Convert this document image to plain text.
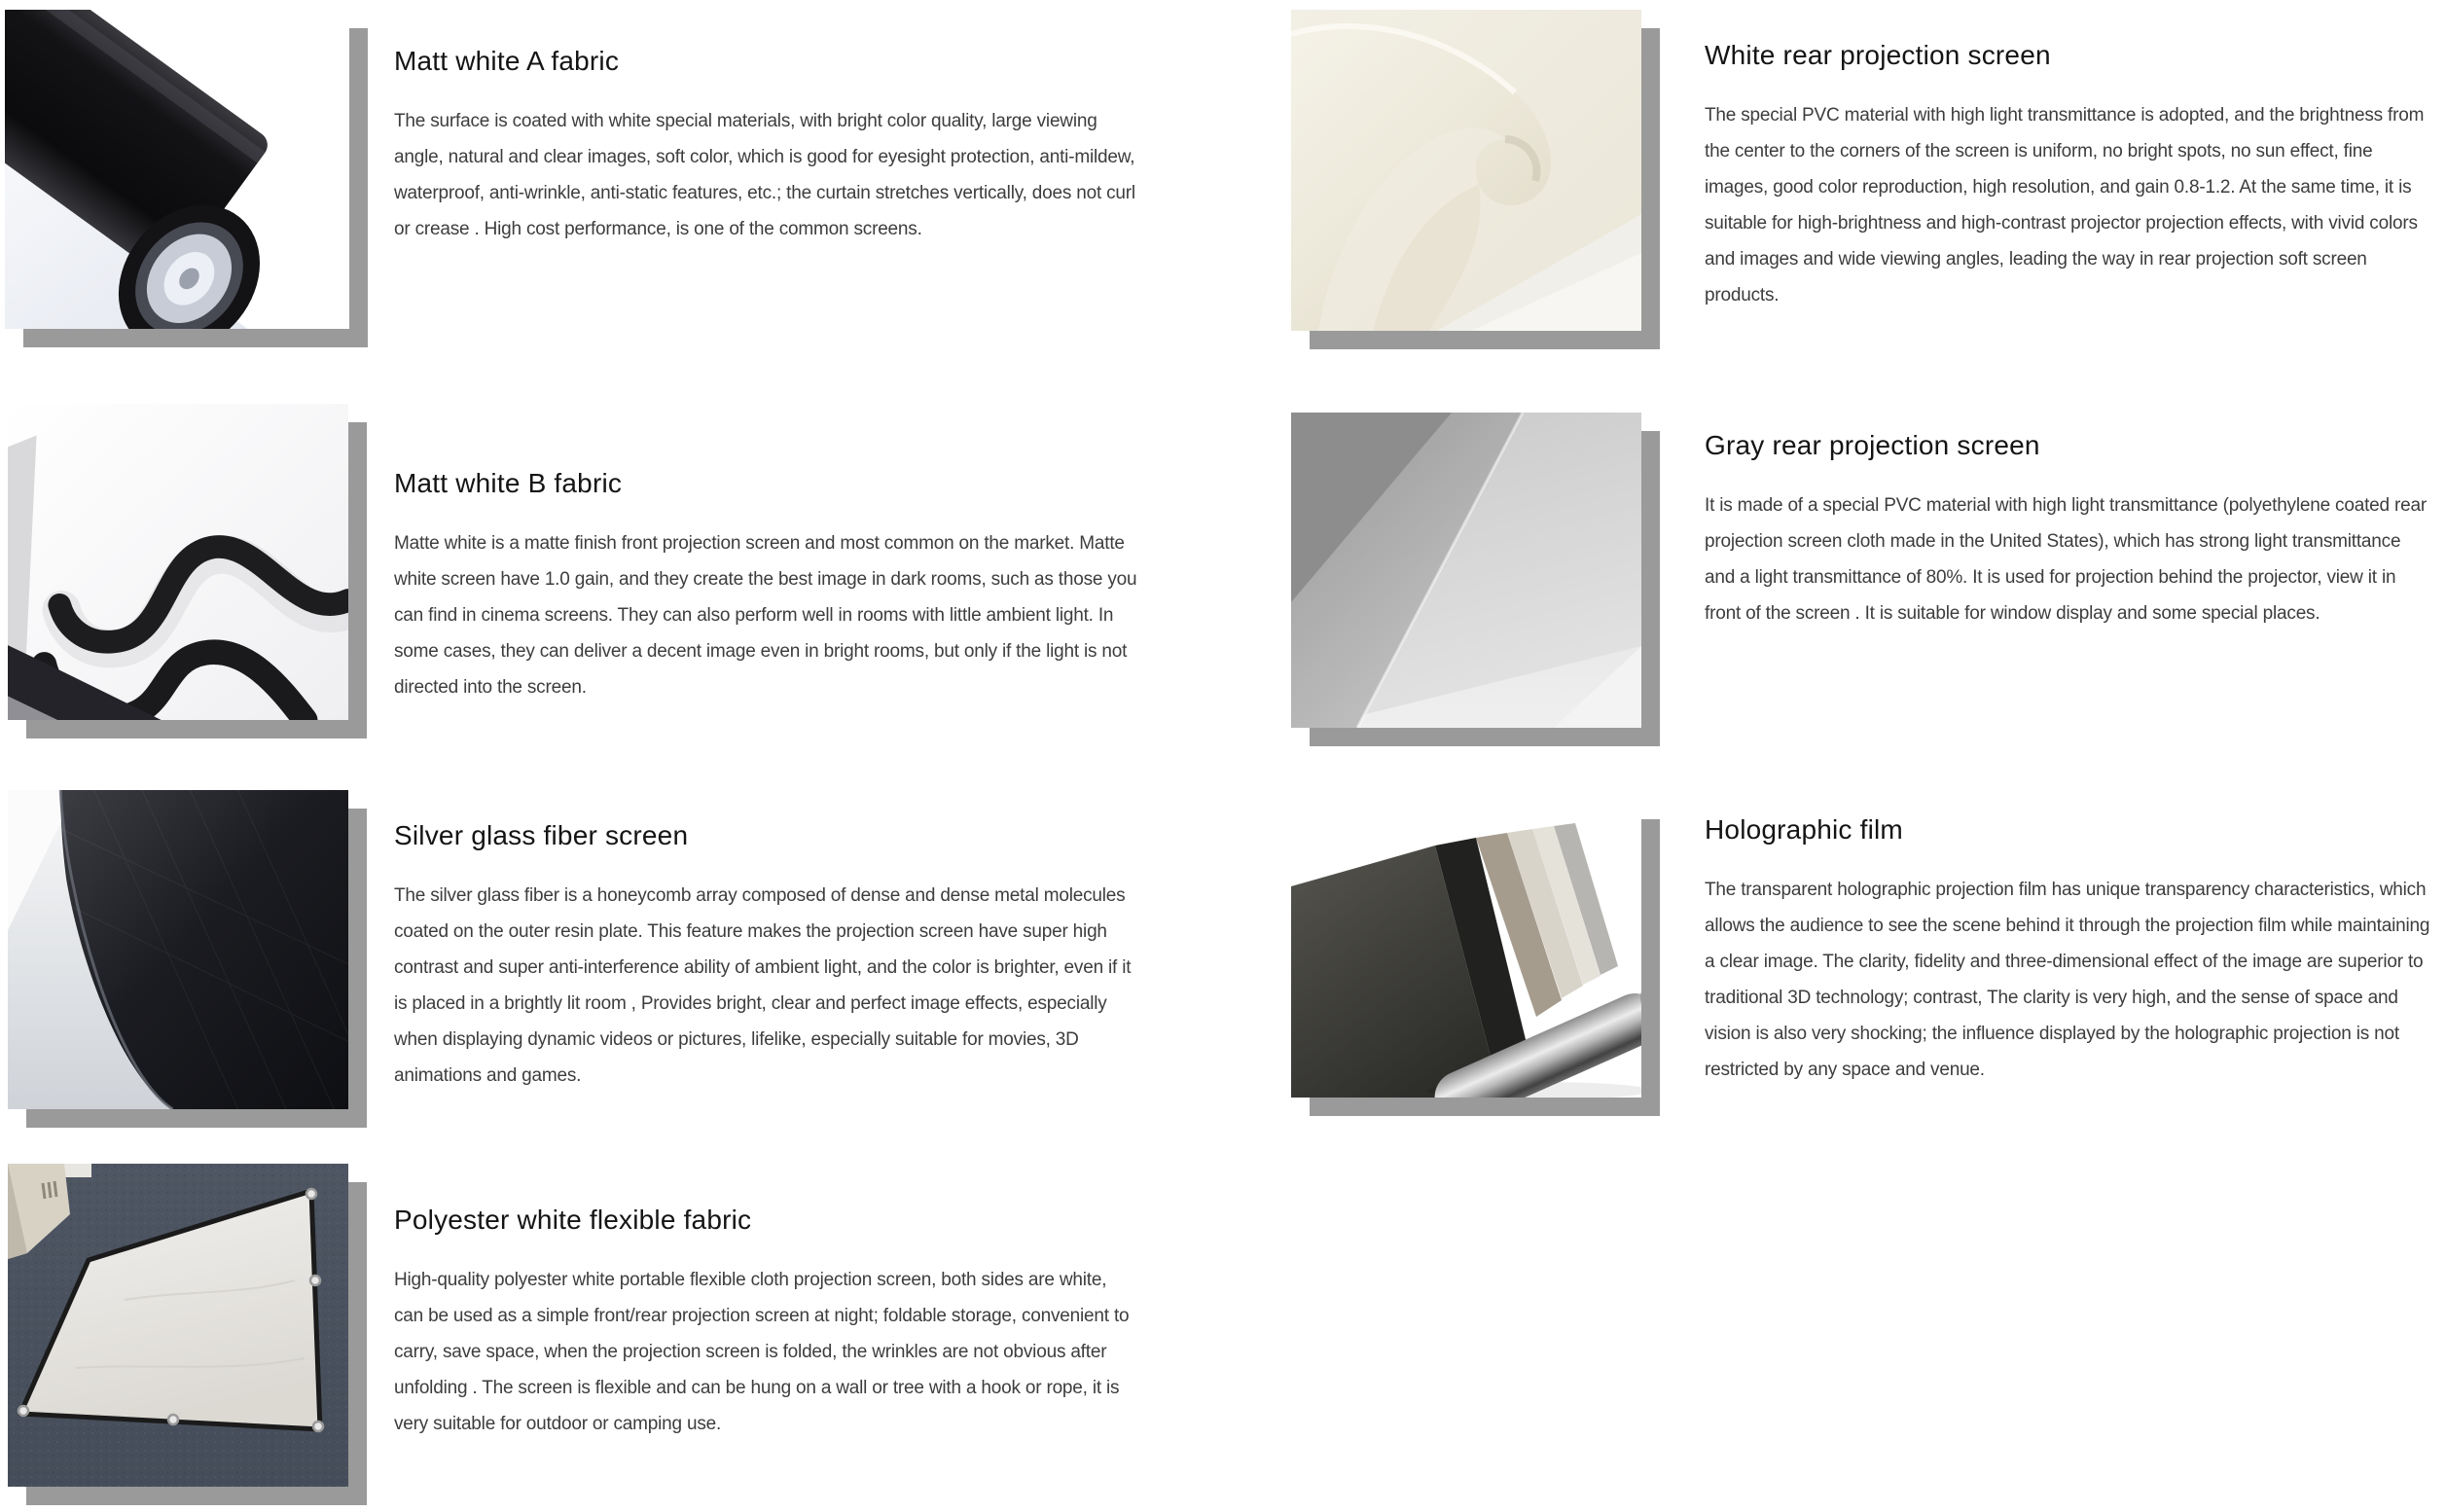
Matt white A fabric

The surface is coated with white special materials, with bright color quality, large viewing angle, natural and clear images, soft color, which is good for eyesight protection, anti-mildew, waterproof, anti-wrinkle, anti-static features, etc.; the curtain stretches vertically, does not curl or crease . High cost performance, is one of the common screens.

White rear projection screen

The special PVC material with high light transmittance is adopted, and the brightness from the center to the corners of the screen is uniform, no bright spots, no sun effect, fine images, good color reproduction, high resolution, and gain 0.8-1.2. At the same time, it is suitable for high-brightness and high-contrast projector projection effects, with vivid colors and images and wide viewing angles, leading the way in rear projection soft screen products.

Matt white B fabric

Matte white is a matte finish front projection screen and most common on the market. Matte white screen have 1.0 gain, and they create the best image in dark rooms, such as those you can find in cinema screens. They can also perform well in rooms with little ambient light. In some cases, they can deliver a decent image even in bright rooms, but only if the light is not directed into the screen.

Gray rear projection screen

It is made of a special PVC material with high light transmittance (polyethylene coated rear projection screen cloth made in the United States), which has strong light transmittance and a light transmittance of 80%. It is used for projection behind the projector, view it in front of the screen . It is suitable for window display and some special places.

Silver glass fiber screen

The silver glass fiber is a honeycomb array composed of dense and dense metal molecules coated on the outer resin plate. This feature makes the projection screen have super high contrast and super anti-interference ability of ambient light, and the color is brighter, even if it is placed in a brightly lit room , Provides bright, clear and perfect image effects, especially when displaying dynamic videos or pictures, lifelike, especially suitable for movies, 3D animations and games.

Holographic film

The transparent holographic projection film has unique transparency characteristics, which allows the audience to see the scene behind it through the projection film while maintaining a clear image. The clarity, fidelity and three-dimensional effect of the image are superior to traditional 3D technology; contrast, The clarity is very high, and the sense of space and vision is also very shocking; the influence displayed by the holographic projection is not restricted by any space and venue.

Polyester white flexible fabric

High-quality polyester white portable flexible cloth projection screen, both sides are white, can be used as a simple front/rear projection screen at night; foldable storage, convenient to carry, save space, when the projection screen is folded, the wrinkles are not obvious after unfolding . The screen is flexible and can be hung on a wall or tree with a hook or rope, it is very suitable for outdoor or camping use.
